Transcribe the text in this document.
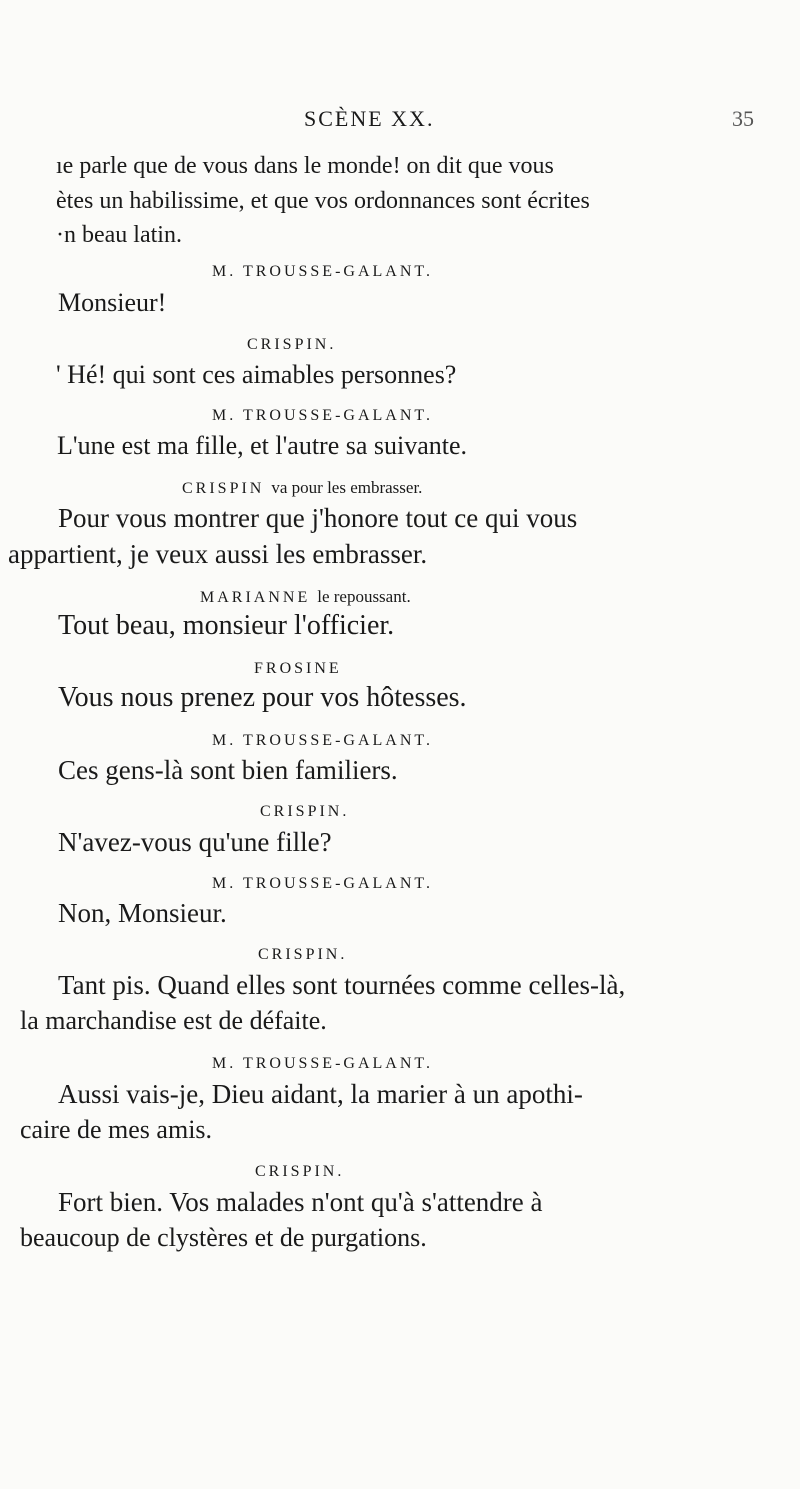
SCÈNE XX.	35
ıe parle que de vous dans le monde! on dit que vous
ètes un habilissime, et que vos ordonnances sont écrites
·n beau latin.
M. TROUSSE-GALANT.
Monsieur!
CRISPIN.
' Hé! qui sont ces aimables personnes?
M. TROUSSE-GALANT.
L'une est ma fille, et l'autre sa suivante.
CRISPIN va pour les embrasser.
Pour vous montrer que j'honore tout ce qui vous
appartient, je veux aussi les embrasser.
MARIANNE le repoussant.
Tout beau, monsieur l'officier.
FROSINE
Vous nous prenez pour vos hôtesses.
M. TROUSSE-GALANT.
Ces gens-là sont bien familiers.
CRISPIN.
N'avez-vous qu'une fille?
M. TROUSSE-GALANT.
Non, Monsieur.
CRISPIN.
Tant pis. Quand elles sont tournées comme celles-là,
la marchandise est de défaite.
M. TROUSSE-GALANT.
Aussi vais-je, Dieu aidant, la marier à un apothi-
caire de mes amis.
CRISPIN.
Fort bien. Vos malades n'ont qu'à s'attendre à
beaucoup de clystères et de purgations.
